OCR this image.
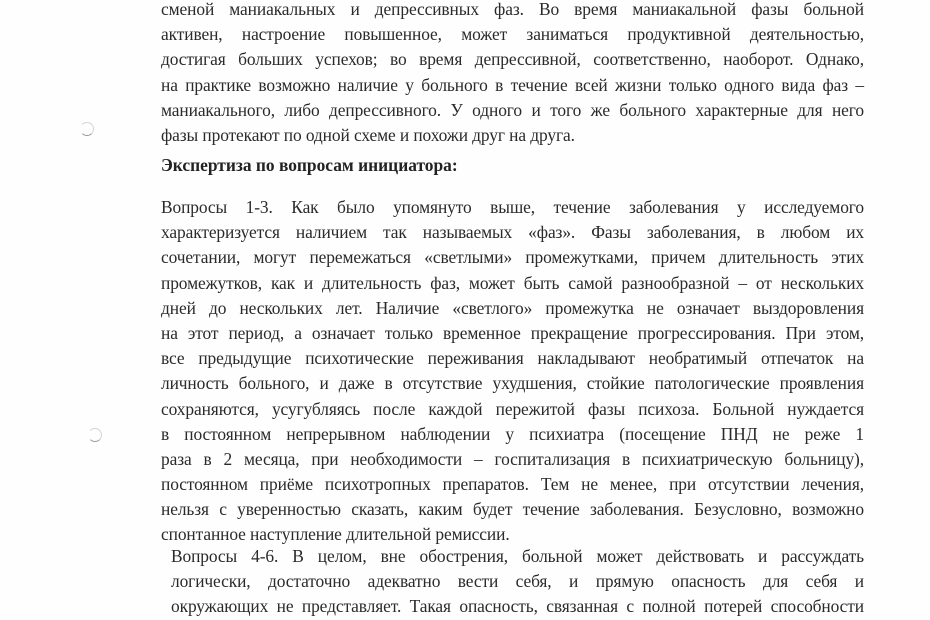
сменой маниакальных и депрессивных фаз. Во время маниакальной фазы больной
активен, настроение повышенное, может заниматься продуктивной деятельностью,
достигая больших успехов; во время депрессивной, соответственно, наоборот. Однако,
на практике возможно наличие у больного в течение всей жизни только одного вида фаз –
маниакального, либо депрессивного. У одного и того же больного характерные для него
фазы протекают по одной схеме и похожи друг на друга.
Экспертиза по вопросам инициатора:
Вопросы 1-3. Как было упомянуто выше, течение заболевания у исследуемого
характеризуется наличием так называемых «фаз». Фазы заболевания, в любом их
сочетании, могут перемежаться «светлыми» промежутками, причем длительность этих
промежутков, как и длительность фаз, может быть самой разнообразной – от нескольких
дней до нескольких лет. Наличие «светлого» промежутка не означает выздоровления
на этот период, а означает только временное прекращение прогрессирования. При этом,
все предыдущие психотические переживания накладывают необратимый отпечаток на
личность больного, и даже в отсутствие ухудшения, стойкие патологические проявления
сохраняются, усугубляясь после каждой пережитой фазы психоза. Больной нуждается
в постоянном непрерывном наблюдении у психиатра (посещение ПНД не реже 1
раза в 2 месяца, при необходимости – госпитализация в психиатрическую больницу),
постоянном приёме психотропных препаратов. Тем не менее, при отсутствии лечения,
нельзя с уверенностью сказать, каким будет течение заболевания. Безусловно, возможно
спонтанное наступление длительной ремиссии.
Вопросы 4-6. В целом, вне обострения, больной может действовать и рассуждать
логически, достаточно адекватно вести себя, и прямую опасность для себя и
окружающих не представляет. Такая опасность, связанная с полной потерей способности
